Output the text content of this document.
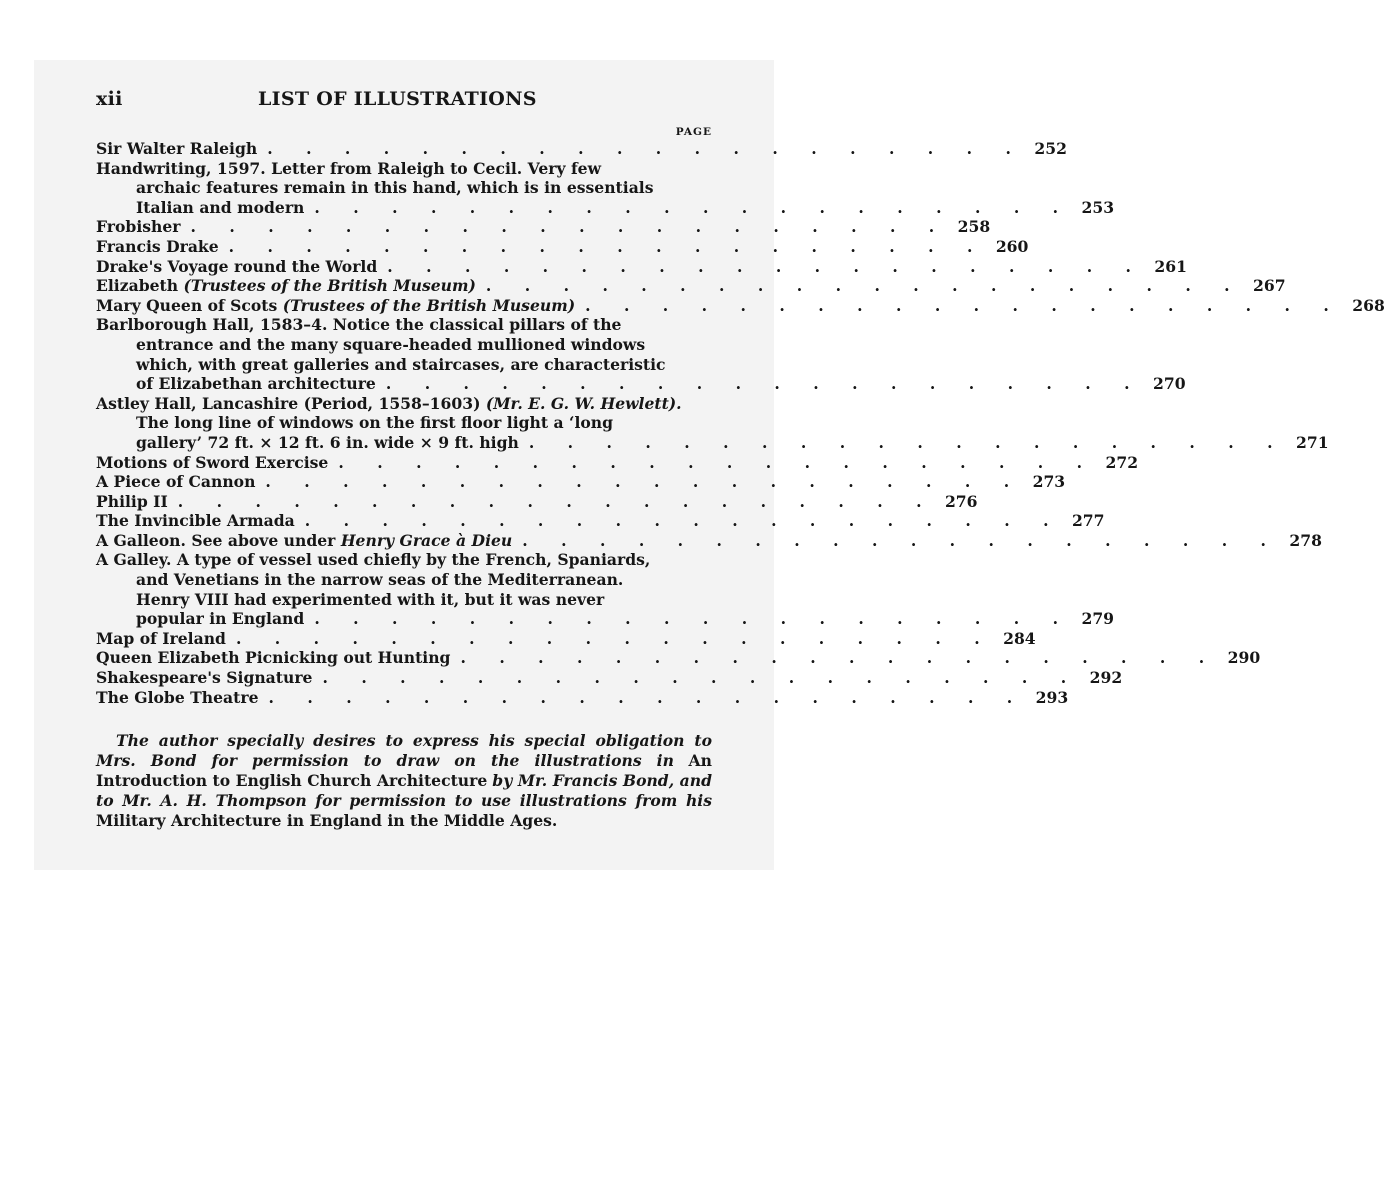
xii	LIST OF ILLUSTRATIONS
PAGE
Sir Walter Raleigh . . . . . . . . . . . . . . . . . . . . 252
Handwriting, 1597. Letter from Raleigh to Cecil. Very few
archaic features remain in this hand, which is in essentials
Italian and modern . . . . . . . . . . . . . . . . . . . . 253
Frobisher . . . . . . . . . . . . . . . . . . . . 258
Francis Drake . . . . . . . . . . . . . . . . . . . . 260
Drake's Voyage round the World . . . . . . . . . . . . . . . . . . . . 261
Elizabeth (Trustees of the British Museum) . . . . . . . . . . . . . . . . . . . . 267
Mary Queen of Scots (Trustees of the British Museum) . . . . . . . . . . . . . . . . . . . . 268
Barlborough Hall, 1583–4. Notice the classical pillars of the
entrance and the many square-headed mullioned windows
which, with great galleries and staircases, are characteristic
of Elizabethan architecture . . . . . . . . . . . . . . . . . . . . 270
Astley Hall, Lancashire (Period, 1558–1603) (Mr. E. G. W. Hewlett).
The long line of windows on the first floor light a ‘long
gallery’ 72 ft. × 12 ft. 6 in. wide × 9 ft. high . . . . . . . . . . . . . . . . . . . . 271
Motions of Sword Exercise . . . . . . . . . . . . . . . . . . . . 272
A Piece of Cannon . . . . . . . . . . . . . . . . . . . . 273
Philip II . . . . . . . . . . . . . . . . . . . . 276
The Invincible Armada . . . . . . . . . . . . . . . . . . . . 277
A Galleon. See above under Henry Grace à Dieu . . . . . . . . . . . . . . . . . . . . 278
A Galley. A type of vessel used chiefly by the French, Spaniards,
and Venetians in the narrow seas of the Mediterranean.
Henry VIII had experimented with it, but it was never
popular in England . . . . . . . . . . . . . . . . . . . . 279
Map of Ireland . . . . . . . . . . . . . . . . . . . . 284
Queen Elizabeth Picnicking out Hunting . . . . . . . . . . . . . . . . . . . . 290
Shakespeare's Signature . . . . . . . . . . . . . . . . . . . . 292
The Globe Theatre . . . . . . . . . . . . . . . . . . . . 293
The author specially desires to express his special obligation to Mrs. Bond for permission to draw on the illustrations in An Introduction to English Church Architecture by Mr. Francis Bond, and to Mr. A. H. Thompson for permission to use illustrations from his Military Architecture in England in the Middle Ages.
